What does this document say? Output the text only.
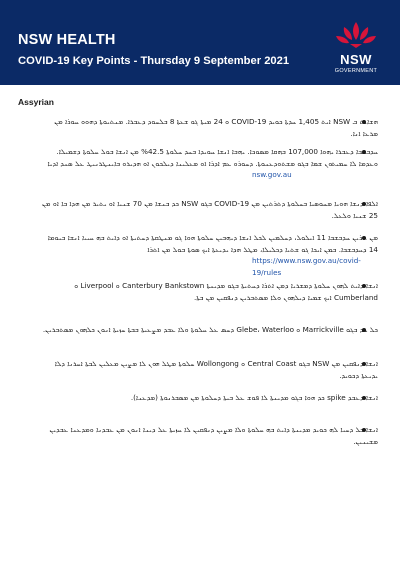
NSW HEALTH
COVID-19 Key Points - Thursday 9 September 2021	NSW
GOVERNMENT
Assyrian
ܗܫܐܝܬ ܒ NSW ܐܝܬ 1,405 ܚܕܬܐ ܟܘܝܕ COVID-19 ܘ 24 ܡܝܬܐ ܓܘ ܫܥܬܐ 8 ܒܠܚܘܕ ܕܥܒܪܐ. ܡܢܬܝܘܬܐ ܕܗܘܘ ܚܘܪܐ ܡܢ ܡܪܥܐ ܐܢܐ.
ܚܕܒܫܒܐ ܕܥܒܪܐ ܝܗܘܐ 107,000 ܒܗܩܐ ܡܣܘܟܐ. ܝܗܒܐ ܐܢܫܐ ܚܘܝܕܐ ܒܚܕ ܚܠܘܬܐ 42.5% ܡܢ ܐܢܫܐ ܒܘܠ ܚܠܘܬܐ ܕܫܡܝܠܐ. ܘܥܕܡܐ ܠܐ ܚܡܝܬܘܢ ܫܡܐ ܒܓܘ ܡܫܬܘܕܥܢܘܬܐ. ܕܚܘܪܘ ܥܡ ܐܕܪܐ ܐܘ ܡܥܠܝܢܐ ܕܝܠܟܘܢ ܐܘ ܗܕܝܪܘ ܒܐܝܢܛܪܢܝܛ ܥܠ ܣܢܕ ܐܕܝܐ
nsw.gov.au
ܐܠܦܐ ܕܢܫܐ ܗܘܝܐ ܡܚܘܣܝܐ ܒܚܠܘܬܐ ܕܬܪܬܝܢ ܡܢ COVID-19 ܒܓܘ NSW ܟܕ ܒܢܫܐ ܡܢ 70 ܫܢܝܐ ܐܘ ܝܬܝܪ ܡܢ ܗܕܐ ܒܐ ܐܘ ܡܢ 25 ܫܢܝܐ ܘܠܥܠ.
ܡܢ ܬܪܝܢ ܚܕܒܫܒܐ 11 ܐܝܠܘܠ، ܕܚܠܡܝܢ ܠܟܠ ܐܢܫܐ ܕܝܗܒܝܢ ܚܠܘܬܐ ܗܘܐ ܓܘ ܡܢܛܩܬܐ ܕܚܬܝܬܐ ܐܘ ܕܐܝܬ ܒܗ ܚܝܝܐ ܐܢܫܐ ܒܝܘܡܐ 14 ܕܚܕܒܫܒܐ. ܒܡܢ ܐܝܟܐ ܓܘ ܫܬܝܐ ܕܟܠܝܠܐ، ܡܛܠ ܗܕܐ ܝܕܝܥܬܐ ܐܝܟ ܣܘܬܐ ܒܘܠ ܡܢ ܐܬܪܐ
https://www.nsw.gov.au/covid-19/rules
ܐܢܫܐ ܕܐܝܬ ܠܗܘܢ ܚܠܘܬܐ ܕܡܫܪܝܐ ܕܡܢ ܐܬܪܐ ܕܚܬܝܬܐ ܒܓܘ ܡܕܝܢܬܐ Canterbury Bankstown ܘ Liverpool ܘ Cumberland ܐܝܟ ܫܡܝܐ ܕܝܠܗܘܢ ܘܠܐ ܡܣܬܒܪܝܢ ܕܢܦܩܝܢ ܡܢ ܒܬܐ.
ܟܠ ܚܕ ܒܓܘ Marrickville ܘ Glebe، Waterloo ܕܚܣ ܥܠ ܚܠܘܬܐ ܘܠܐ ܥܒܕ ܡܨܥܝܬܐ ܒܒܬܐ ܚܙܝܬܐ ܐܢܘܢ ܟܠܗܘܢ ܡܣܬܒܪܝܢ.
ܐܢܫܐ ܕܢܦܩܝܢ ܡܢ NSW ܒܓܘ Central Coast ܘ Wollongong ܚܠܘܬܐ ܡܛܠ ܗܘܢ ܠܐ ܡܨܝܢ ܡܥܠܝܢ ܠܒܬܐ ܐܚܪܢܐ ܕܠܐ ܝܕܝܥܬܐ ܕܟܘܝܕ.
ܐܢܫܐ ܕܥܒܕ spike ܟܕ ܗܘܐ ܒܓܘ ܡܕܝܢܬܐ ܠܐ ܦܘܫ ܥܠ ܒܝܬܐ ܕܚܠܘܬܐ ܡܢ ܡܣܒܪܢܘܬܐ (ܡܕܥܢܐ).
ܐܢܫܐ ܟܠ ܕܚܝܐ ܠܗ ܟܘܝܕ ܡܕܝܢܬܐ ܕܐܝܬ ܒܗ ܚܠܘܬܐ ܘܠܐ ܡܨܝܢ ܕܢܦܩܝܢ ܠܐ ܚܙܝܬܐ ܥܠ ܕܝܢܐ ܐܢܘܢ ܡܢ ܥܒܕܢܐ ܘܡܕܥܢܐ ܥܒܕܝܢ ܡܫܝܢܝܢ.
